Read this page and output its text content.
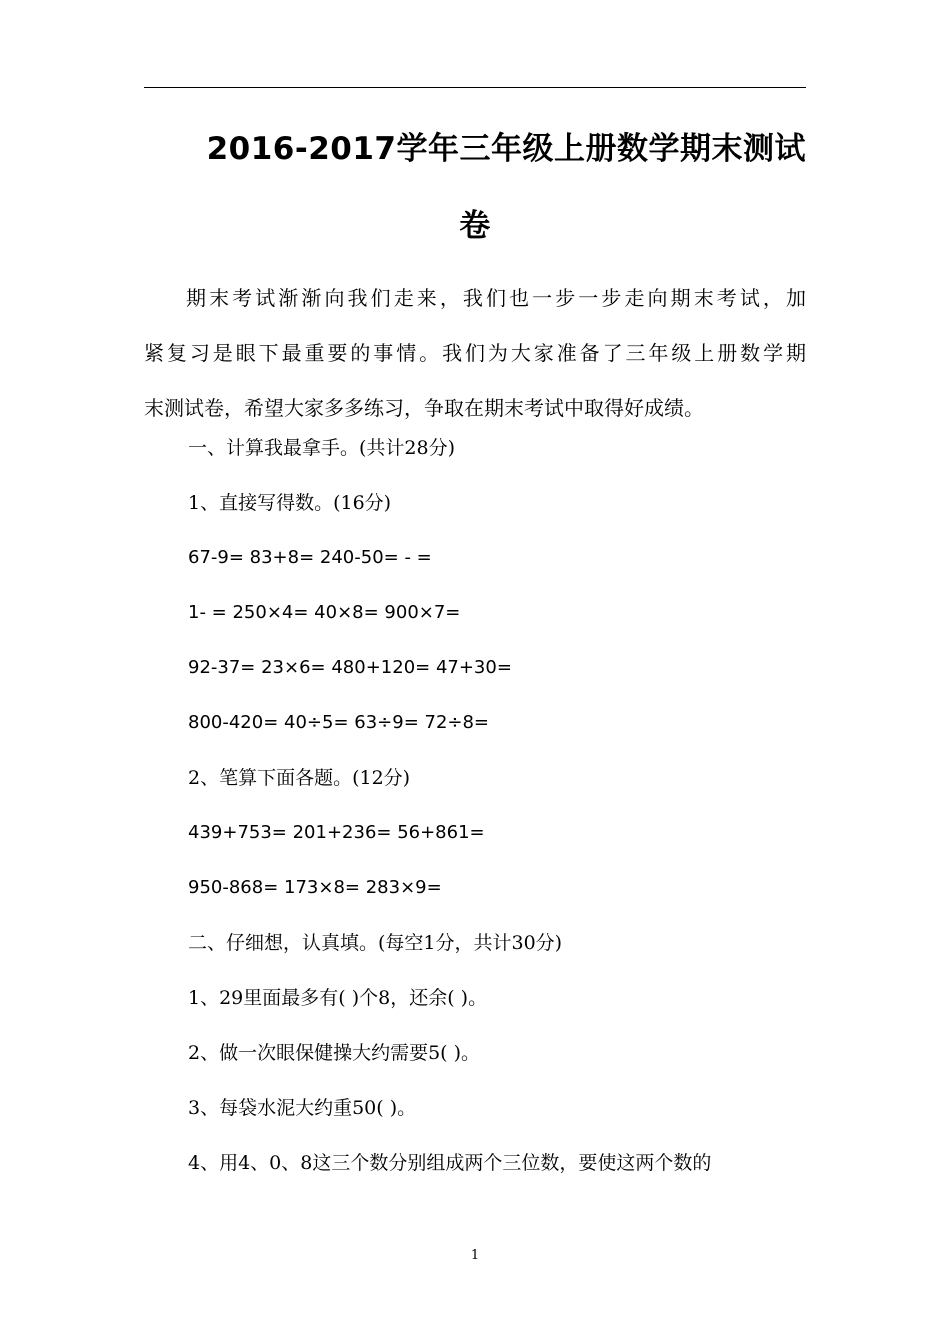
2016-2017学年三年级上册数学期末测试
卷
期末考试渐渐向我们走来，我们也一步一步走向期末考试，加
紧复习是眼下最重要的事情。我们为大家准备了三年级上册数学期
末测试卷，希望大家多多练习，争取在期末考试中取得好成绩。
一、计算我最拿手。(共计28分)
1、直接写得数。(16分)
67-9= 83+8= 240-50= - =
1- = 250×4= 40×8= 900×7=
92-37= 23×6= 480+120= 47+30=
800-420= 40÷5= 63÷9= 72÷8=
2、笔算下面各题。(12分)
439+753= 201+236= 56+861=
950-868= 173×8= 283×9=
二、仔细想，认真填。(每空1分，共计30分)
1、29里面最多有( )个8，还余( )。
2、做一次眼保健操大约需要5( )。
3、每袋水泥大约重50( )。
4、用4、0、8这三个数分别组成两个三位数，要使这两个数的
1
